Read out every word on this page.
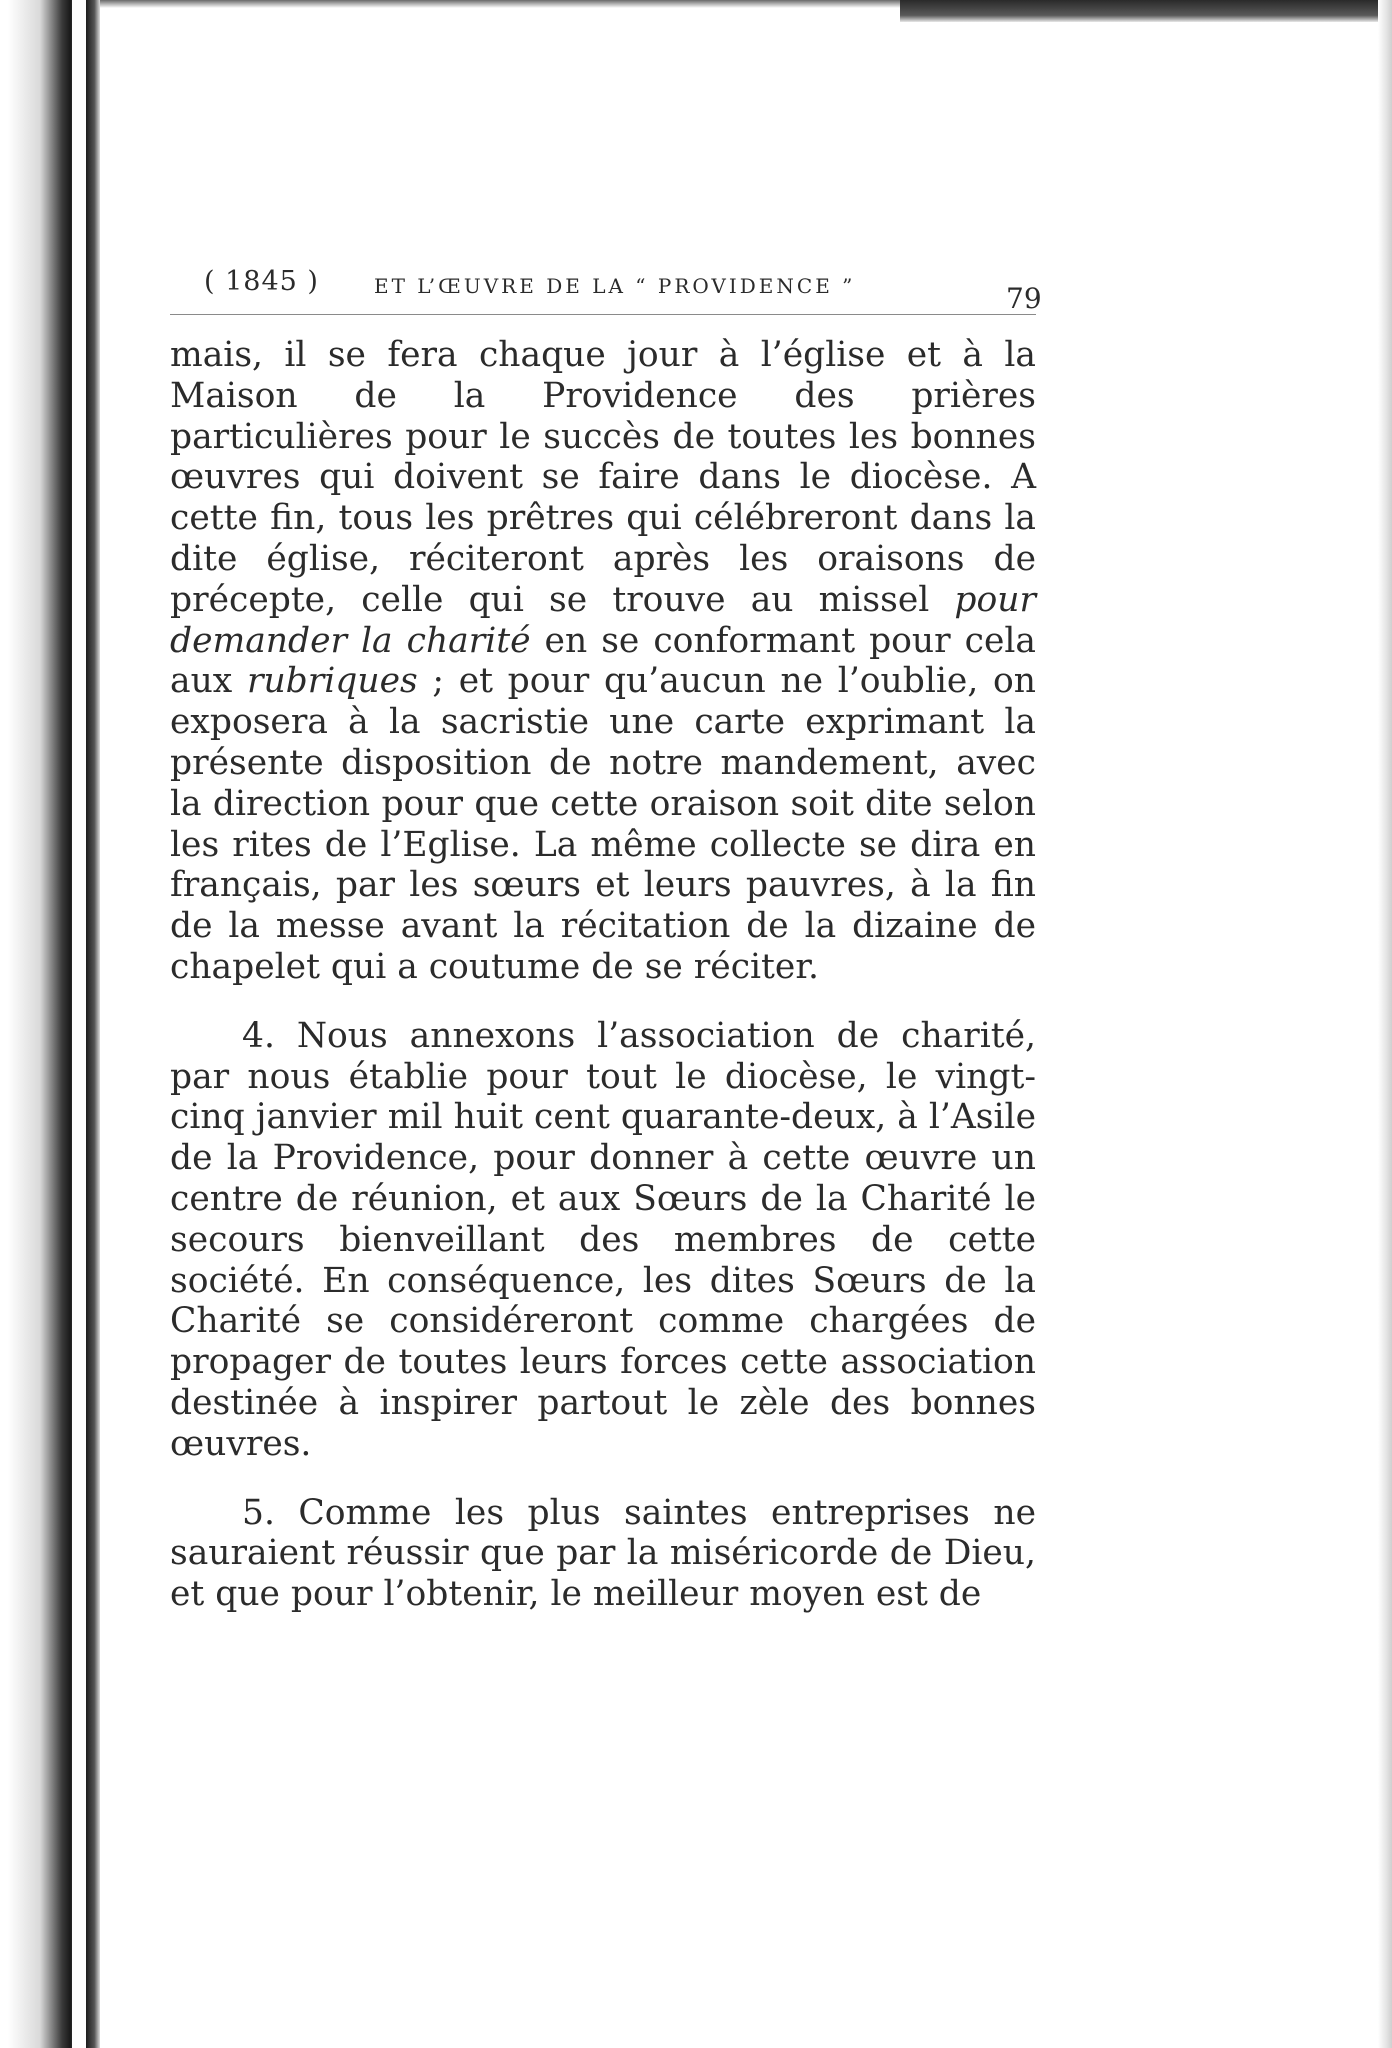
( 1845 )	ET L’ŒUVRE DE LA “ PROVIDENCE ”	79

mais, il se fera chaque jour à l’église et à la Maison de la Providence des prières particulières pour le succès de toutes les bonnes œuvres qui doivent se faire dans le diocèse. A cette fin, tous les prêtres qui célébreront dans la dite église, réciteront après les oraisons de précepte, celle qui se trouve au missel pour demander la charité en se conformant pour cela aux rubriques ; et pour qu’aucun ne l’oublie, on exposera à la sacristie une carte exprimant la présente disposition de notre mandement, avec la direction pour que cette oraison soit dite selon les rites de l’Eglise. La même collecte se dira en français, par les sœurs et leurs pauvres, à la fin de la messe avant la récitation de la dizaine de chapelet qui a coutume de se réciter.

4. Nous annexons l’association de charité, par nous établie pour tout le diocèse, le vingt-cinq janvier mil huit cent quarante-deux, à l’Asile de la Providence, pour donner à cette œuvre un centre de réunion, et aux Sœurs de la Charité le secours bienveillant des membres de cette société. En conséquence, les dites Sœurs de la Charité se considéreront comme chargées de propager de toutes leurs forces cette association destinée à inspirer partout le zèle des bonnes œuvres.

5. Comme les plus saintes entreprises ne sauraient réussir que par la miséricorde de Dieu, et que pour l’obtenir, le meilleur moyen est de
